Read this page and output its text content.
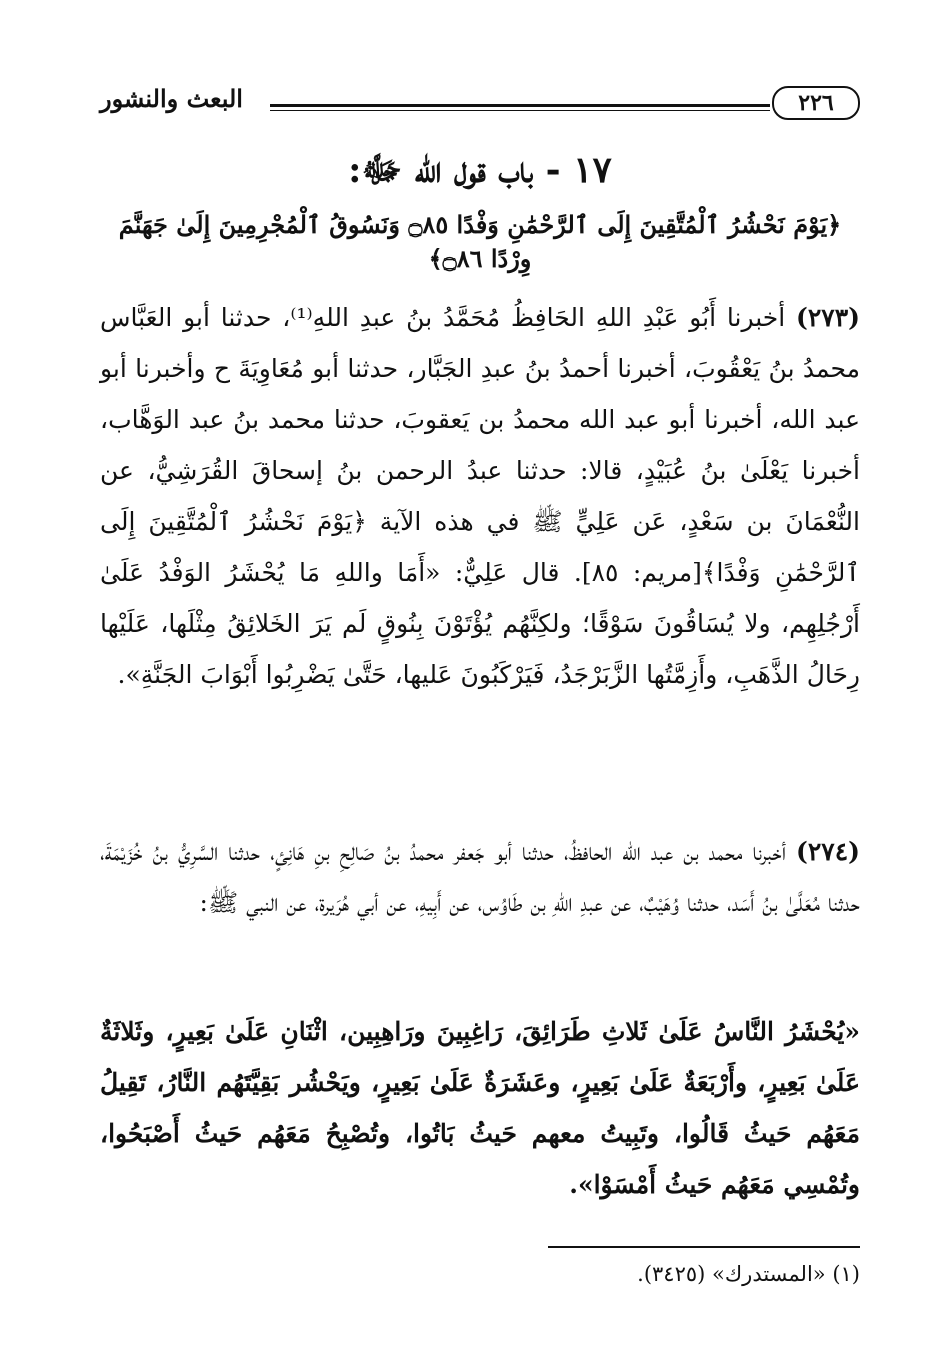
٢٢٦
البعث والنشور
١٧ - باب قول الله ﷻ:
﴿يَوْمَ نَحْشُرُ ٱلْمُتَّقِينَ إِلَى ٱلرَّحْمَٰنِ وَفْدًا ۝٨٥ وَنَسُوقُ ٱلْمُجْرِمِينَ إِلَىٰ جَهَنَّمَ وِرْدًا ۝٨٦﴾
(٢٧٣) أخبرنا أَبُو عَبْدِ اللهِ الحَافِظُ مُحَمَّدُ بنُ عبدِ اللهِ⁽¹⁾، حدثنا أبو العَبَّاس محمدُ بنُ يَعْقُوبَ، أخبرنا أحمدُ بنُ عبدِ الجَبَّار، حدثنا أبو مُعَاوِيَةَ ح وأخبرنا أبو عبد الله، أخبرنا أبو عبد الله محمدُ بن يَعقوبَ، حدثنا محمد بنُ عبد الوَهَّاب، أخبرنا يَعْلَىٰ بنُ عُبَيْدٍ، قالا: حدثنا عبدُ الرحمن بنُ إسحاقَ القُرَشِيُّ، عن النُّعْمَانَ بن سَعْدٍ، عَن عَلِيٍّ ﷺ في هذه الآية ﴿يَوْمَ نَحْشُرُ ٱلْمُتَّقِينَ إِلَى ٱلرَّحْمَٰنِ وَفْدًا﴾[مريم: ٨٥]. قال عَلِيٌّ: «أَمَا واللهِ مَا يُحْشَرُ الوَفْدُ عَلَىٰ أَرْجُلِهِم، ولا يُسَاقُونَ سَوْقًا؛ ولكِنَّهُم يُؤْتَوْنَ بِنُوقٍ لَم يَرَ الخَلائِقُ مِثْلَها، عَلَيْها رِحَالُ الذَّهَبِ، وأَزِمَّتُها الزَّبَرْجَدُ، فَيَرْكَبُونَ عَليها، حَتَّىٰ يَضْرِبُوا أَبْوَابَ الجَنَّةِ».
(٢٧٤) أخبرنا محمد بن عبد الله الحافظُ، حدثنا أبو جَعفر محمدُ بنُ صَالِحِ بنِ هَانِئٍ، حدثنا السَّرِيُّ بنُ خُزَيْمَةَ، حدثنا مُعَلَّىٰ بنُ أَسَد، حدثنا وُهَيْبٌ، عن عبدِ اللهِ بن طَاوُس، عن أَبِيهِ، عن أبي هُرَيرة، عن النبي ﷺ:
«يُحْشَرُ النَّاسُ عَلَىٰ ثَلاثِ طَرَائِقَ، رَاغِبِينَ ورَاهِبِين، اثْنَانِ عَلَىٰ بَعِيرٍ، وثَلاثَةٌ عَلَىٰ بَعِيرٍ، وأَرْبَعَةٌ عَلَىٰ بَعِيرٍ، وعَشَرَةٌ عَلَىٰ بَعِيرٍ، ويَحْشُر بَقِيَّتَهُم النَّارُ، تَقِيلُ مَعَهُم حَيثُ قَالُوا، وتَبِيتُ معهم حَيثُ بَاتُوا، وتُصْبِحُ مَعَهُم حَيثُ أَصْبَحُوا، وتُمْسِي مَعَهُم حَيثُ أَمْسَوْا».
(١) «المستدرك» (٣٤٢٥).
